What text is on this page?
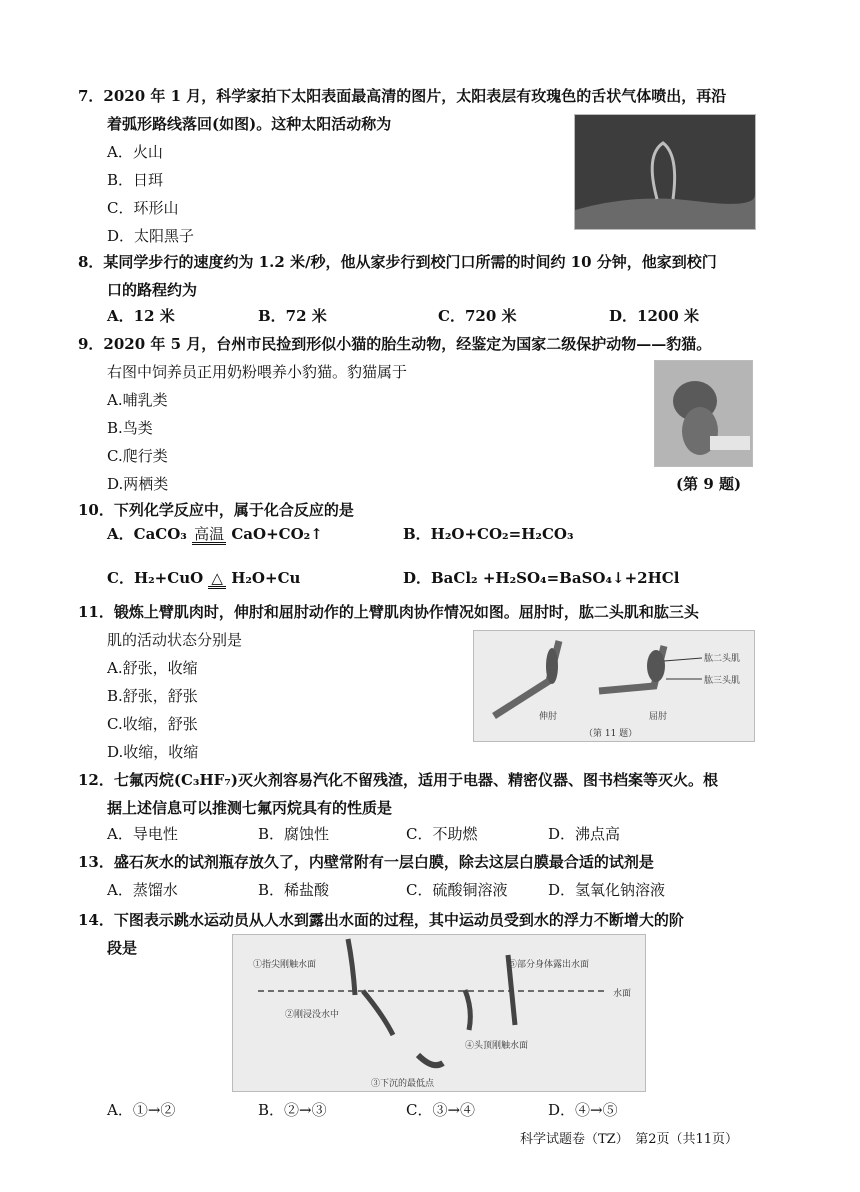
7．2020 年 1 月，科学家拍下太阳表面最高清的图片，太阳表层有玫瑰色的舌状气体喷出，再沿
着弧形路线落回(如图)。这种太阳活动称为
A．火山
B．日珥
C．环形山
D．太阳黑子
8．某同学步行的速度约为 1.2 米/秒，他从家步行到校门口所需的时间约 10 分钟，他家到校门
口的路程约为
A．12 米	B．72 米	C．720 米	D．1200 米
9．2020 年 5 月，台州市民捡到形似小猫的胎生动物，经鉴定为国家二级保护动物——豹猫。
右图中饲养员正用奶粉喂养小豹猫。豹猫属于
A.哺乳类
B.鸟类
C.爬行类
D.两栖类	(第 9 题)
10．下列化学反应中，属于化合反应的是
A．CaCO₃ 高温 CaO+CO₂↑	B．H₂O+CO₂=H₂CO₃
C．H₂+CuO △ H₂O+Cu	D．BaCl₂ +H₂SO₄=BaSO₄↓+2HCl
11．锻炼上臂肌肉时，伸肘和屈肘动作的上臂肌肉协作情况如图。屈肘时，肱二头肌和肱三头
肌的活动状态分别是
A.舒张，收缩
B.舒张，舒张
C.收缩，舒张
D.收缩，收缩
肱二头肌
肱三头肌
伸肘	屈肘
（第 11 题）
12．七氟丙烷(C₃HF₇)灭火剂容易汽化不留残渣，适用于电器、精密仪器、图书档案等灭火。根
据上述信息可以推测七氟丙烷具有的性质是
A．导电性	B．腐蚀性	C．不助燃	D．沸点高
13．盛石灰水的试剂瓶存放久了，内壁常附有一层白膜，除去这层白膜最合适的试剂是
A．蒸馏水	B．稀盐酸	C．硫酸铜溶液	D．氢氧化钠溶液
14．下图表示跳水运动员从人水到露出水面的过程，其中运动员受到水的浮力不断增大的阶
段是
①指尖刚触水面
②刚浸没水中
③下沉的最低点
④头顶刚触水面
⑤部分身体露出水面
水面
A．①→②	B．②→③	C．③→④	D．④→⑤
科学试题卷（TZ）　第2页（共11页）
